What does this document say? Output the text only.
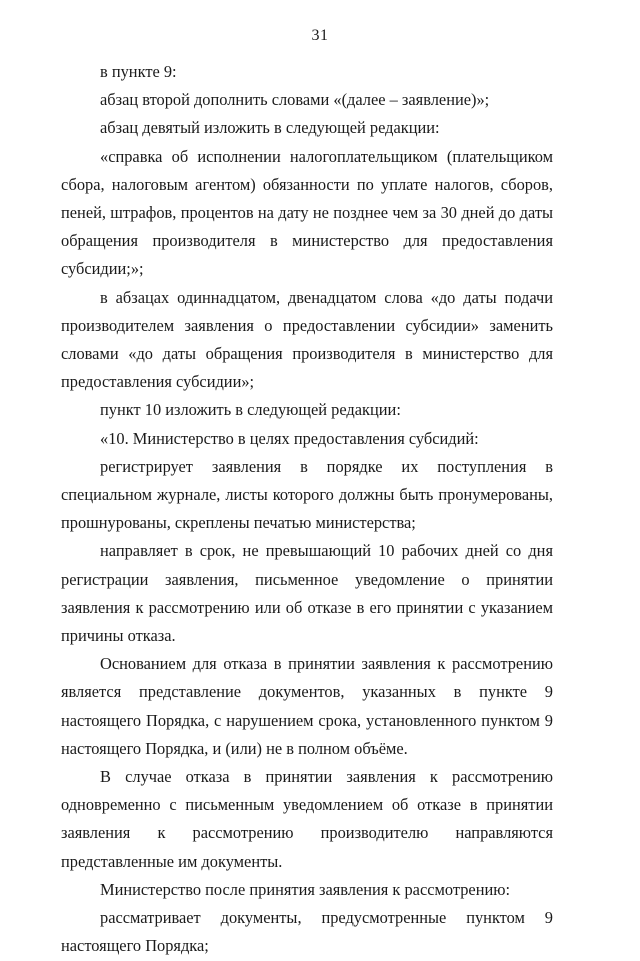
31

в пункте 9:

абзац второй дополнить словами «(далее – заявление)»;

абзац девятый изложить в следующей редакции:

«справка об исполнении налогоплательщиком (плательщиком сбора, налоговым агентом) обязанности по уплате налогов, сборов, пеней, штрафов, процентов на дату не позднее чем за 30 дней до даты обращения производителя в министерство для предоставления субсидии;»;

в абзацах одиннадцатом, двенадцатом слова «до даты подачи производителем заявления о предоставлении субсидии» заменить словами «до даты обращения производителя в министерство для предоставления субсидии»;

пункт 10 изложить в следующей редакции:

«10. Министерство в целях предоставления субсидий:

регистрирует заявления в порядке их поступления в специальном журнале, листы которого должны быть пронумерованы, прошнурованы, скреплены печатью министерства;

направляет в срок, не превышающий 10 рабочих дней со дня регистрации заявления, письменное уведомление о принятии заявления к рассмотрению или об отказе в его принятии с указанием причины отказа.

Основанием для отказа в принятии заявления к рассмотрению является представление документов, указанных в пункте 9 настоящего Порядка, с нарушением срока, установленного пунктом 9 настоящего Порядка, и (или) не в полном объёме.

В случае отказа в принятии заявления к рассмотрению одновременно с письменным уведомлением об отказе в принятии заявления к рассмотрению производителю направляются представленные им документы.

Министерство после принятия заявления к рассмотрению:

рассматривает документы, предусмотренные пунктом 9 настоящего Порядка;
